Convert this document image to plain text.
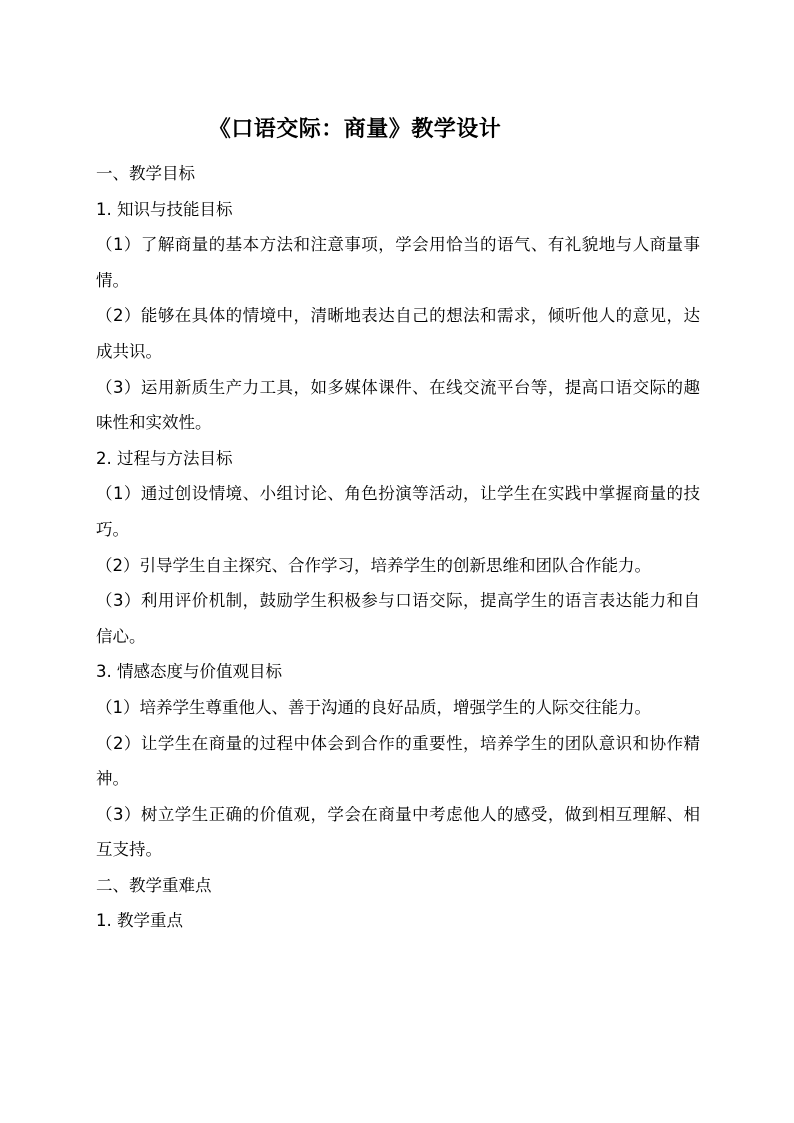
《口语交际：商量》教学设计
一、教学目标
1. 知识与技能目标
（1）了解商量的基本方法和注意事项，学会用恰当的语气、有礼貌地与人商量事情。
（2）能够在具体的情境中，清晰地表达自己的想法和需求，倾听他人的意见，达成共识。
（3）运用新质生产力工具，如多媒体课件、在线交流平台等，提高口语交际的趣味性和实效性。
2. 过程与方法目标
（1）通过创设情境、小组讨论、角色扮演等活动，让学生在实践中掌握商量的技巧。
（2）引导学生自主探究、合作学习，培养学生的创新思维和团队合作能力。
（3）利用评价机制，鼓励学生积极参与口语交际，提高学生的语言表达能力和自信心。
3. 情感态度与价值观目标
（1）培养学生尊重他人、善于沟通的良好品质，增强学生的人际交往能力。
（2）让学生在商量的过程中体会到合作的重要性，培养学生的团队意识和协作精神。
（3）树立学生正确的价值观，学会在商量中考虑他人的感受，做到相互理解、相互支持。
二、教学重难点
1. 教学重点
